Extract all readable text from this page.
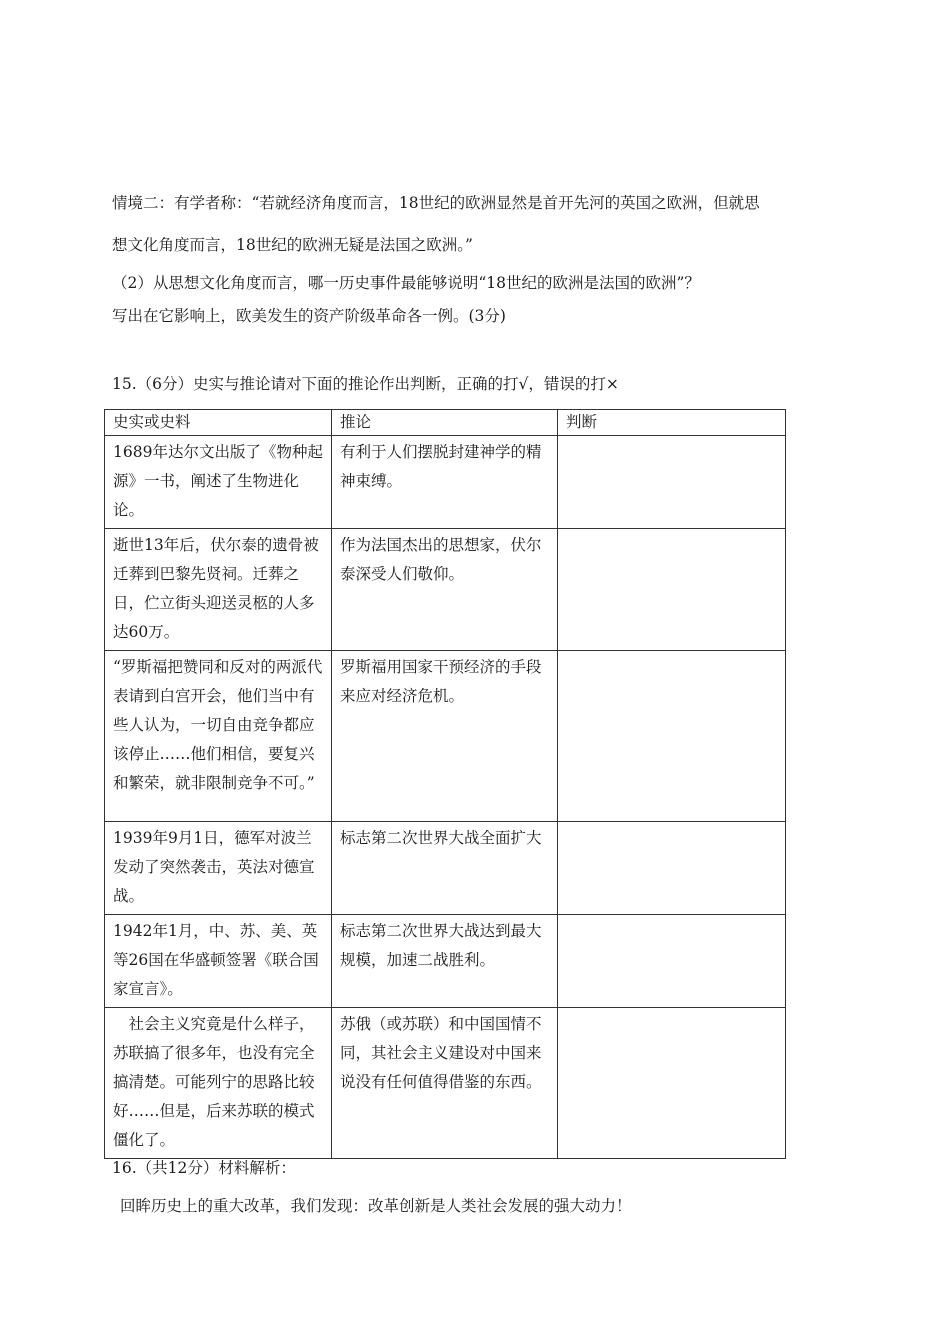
情境二：有学者称：“若就经济角度而言，18世纪的欧洲显然是首开先河的英国之欧洲，但就思
想文化角度而言，18世纪的欧洲无疑是法国之欧洲。”
（2）从思想文化角度而言，哪一历史事件最能够说明“18世纪的欧洲是法国的欧洲”？
写出在它影响上，欧美发生的资产阶级革命各一例。(3分)
15.（6分）史实与推论请对下面的推论作出判断，正确的打√，错误的打×
史实或史料	推论	判断
1689年达尔文出版了《物种起源》一书，阐述了生物进化论。	有利于人们摆脱封建神学的精神束缚。	
逝世13年后，伏尔泰的遗骨被迁葬到巴黎先贤祠。迁葬之日，伫立街头迎送灵柩的人多达60万。	作为法国杰出的思想家，伏尔泰深受人们敬仰。	
“罗斯福把赞同和反对的两派代表请到白宫开会，他们当中有些人认为，一切自由竞争都应该停止……他们相信，要复兴和繁荣，就非限制竞争不可。”	罗斯福用国家干预经济的手段来应对经济危机。	
1939年9月1日，德军对波兰发动了突然袭击，英法对德宣战。	标志第二次世界大战全面扩大	
1942年1月，中、苏、美、英等26国在华盛顿签署《联合国家宣言》。	标志第二次世界大战达到最大规模，加速二战胜利。	
　社会主义究竟是什么样子，苏联搞了很多年，也没有完全搞清楚。可能列宁的思路比较好……但是，后来苏联的模式僵化了。	苏俄（或苏联）和中国国情不同，其社会主义建设对中国来说没有任何值得借鉴的东西。	
16.（共12分）材料解析：
回眸历史上的重大改革，我们发现：改革创新是人类社会发展的强大动力！
